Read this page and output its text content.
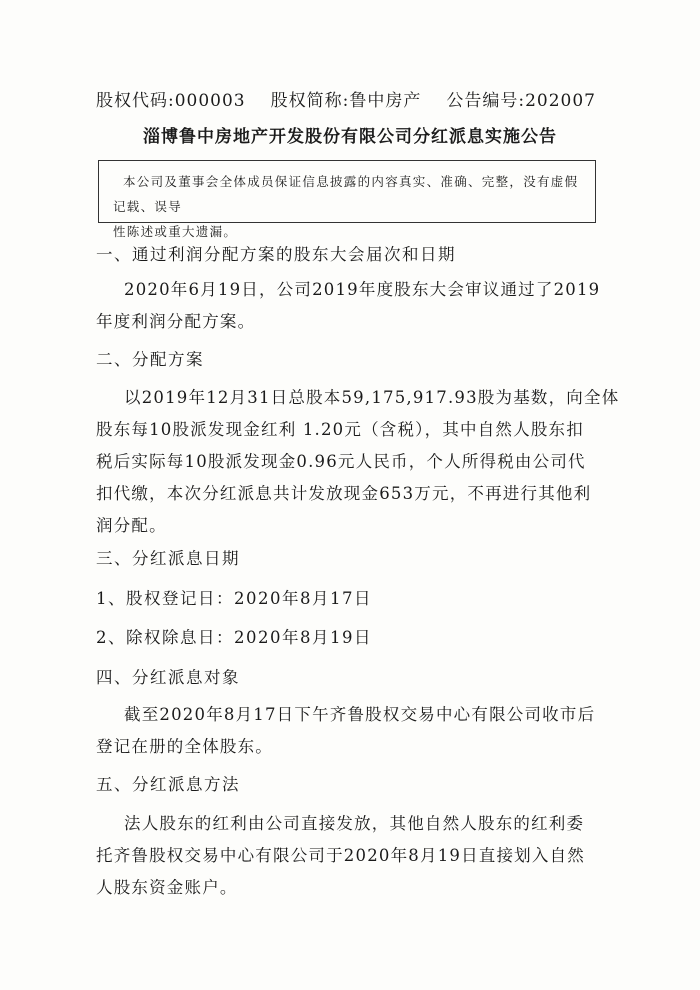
股权代码:000003 股权简称:鲁中房产 公告编号:202007
淄博鲁中房地产开发股份有限公司分红派息实施公告
本公司及董事会全体成员保证信息披露的内容真实、准确、完整，没有虚假记载、误导
性陈述或重大遗漏。
一、通过利润分配方案的股东大会届次和日期
2020年6月19日，公司2019年度股东大会审议通过了2019
年度利润分配方案。
二、分配方案
以2019年12月31日总股本59,175,917.93股为基数，向全体
股东每10股派发现金红利 1.20元（含税），其中自然人股东扣
税后实际每10股派发现金0.96元人民币，个人所得税由公司代
扣代缴，本次分红派息共计发放现金653万元，不再进行其他利
润分配。
三、分红派息日期
1、股权登记日：2020年8月17日
2、除权除息日：2020年8月19日
四、分红派息对象
截至2020年8月17日下午齐鲁股权交易中心有限公司收市后
登记在册的全体股东。
五、分红派息方法
法人股东的红利由公司直接发放，其他自然人股东的红利委
托齐鲁股权交易中心有限公司于2020年8月19日直接划入自然
人股东资金账户。
